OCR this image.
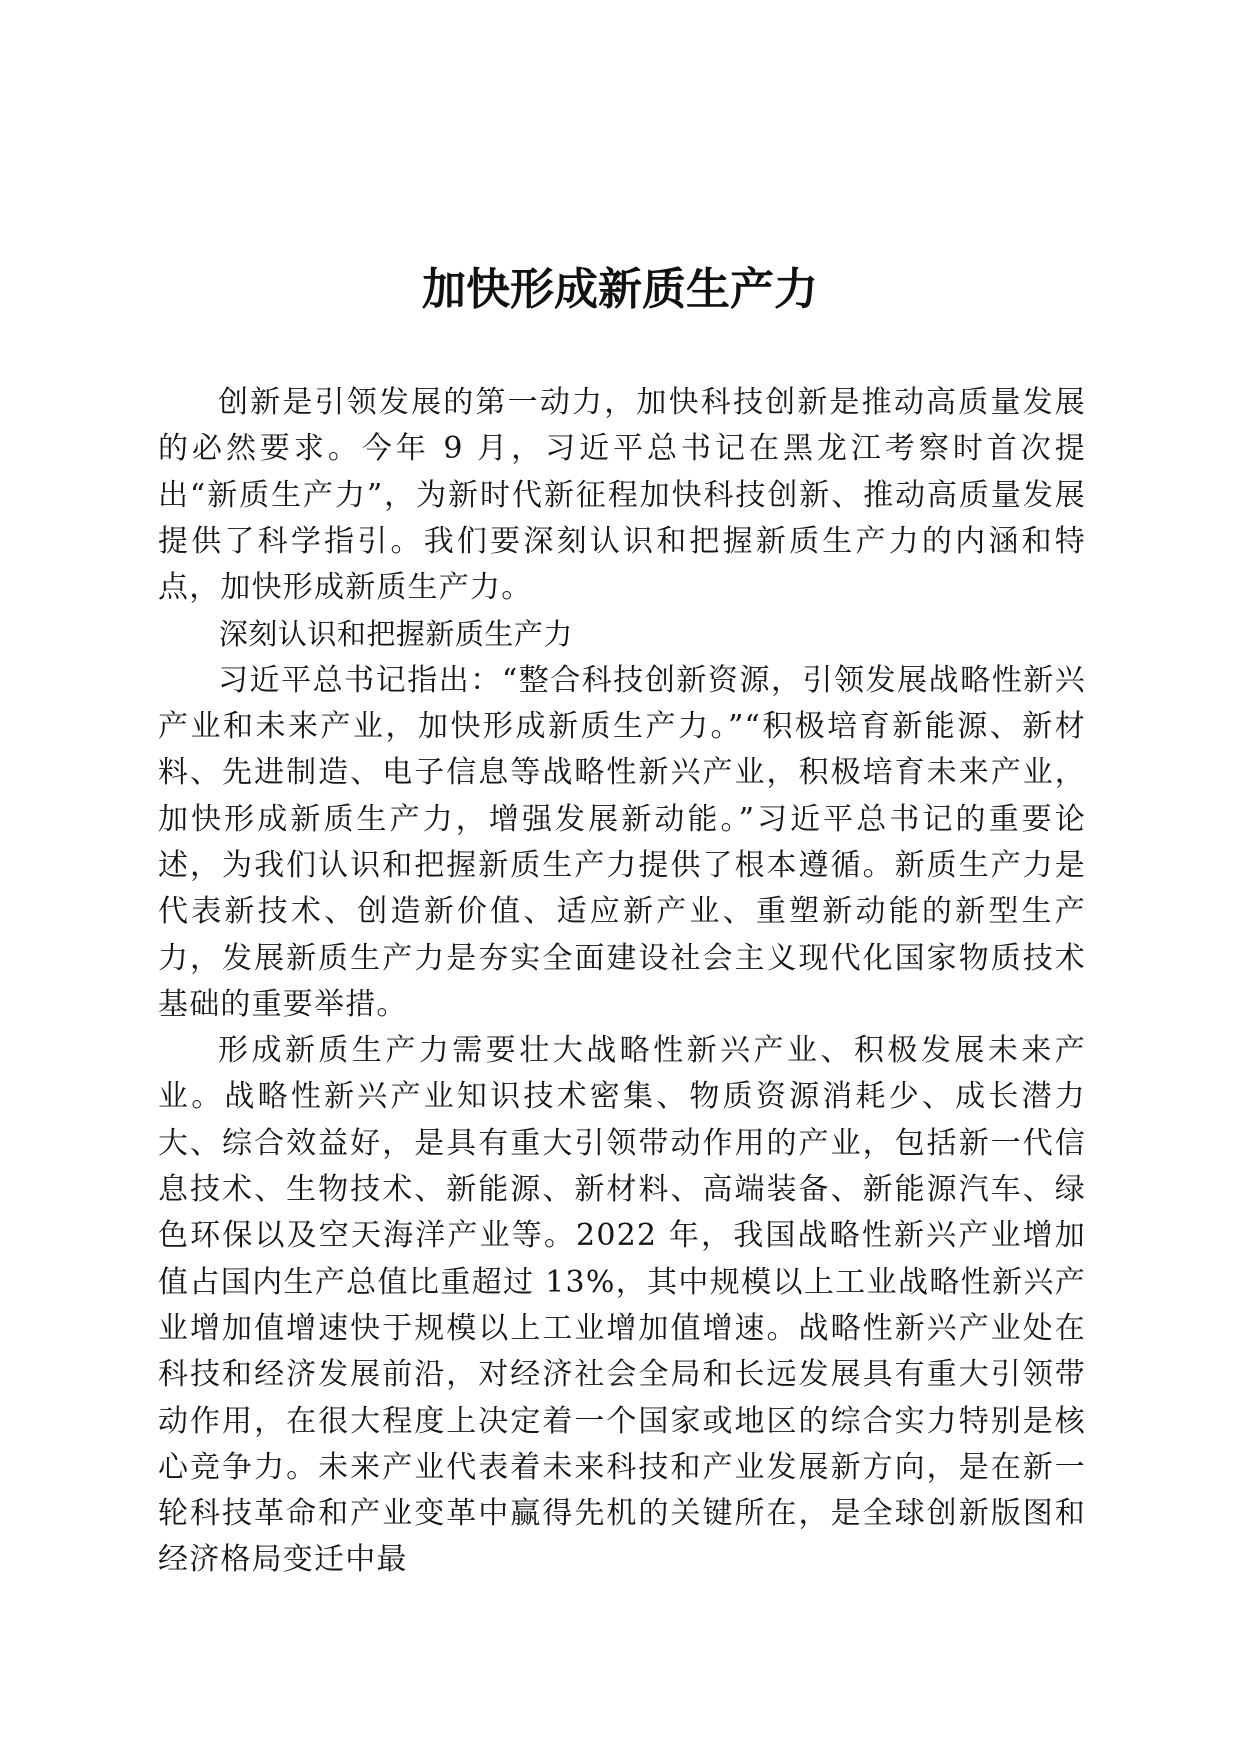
加快形成新质生产力

创新是引领发展的第一动力，加快科技创新是推动高质量发展的必然要求。今年 9 月，习近平总书记在黑龙江考察时首次提出“新质生产力”，为新时代新征程加快科技创新、推动高质量发展提供了科学指引。我们要深刻认识和把握新质生产力的内涵和特点，加快形成新质生产力。

深刻认识和把握新质生产力

习近平总书记指出：“整合科技创新资源，引领发展战略性新兴产业和未来产业，加快形成新质生产力。”“积极培育新能源、新材料、先进制造、电子信息等战略性新兴产业，积极培育未来产业，加快形成新质生产力，增强发展新动能。”习近平总书记的重要论述，为我们认识和把握新质生产力提供了根本遵循。新质生产力是代表新技术、创造新价值、适应新产业、重塑新动能的新型生产力，发展新质生产力是夯实全面建设社会主义现代化国家物质技术基础的重要举措。

形成新质生产力需要壮大战略性新兴产业、积极发展未来产业。战略性新兴产业知识技术密集、物质资源消耗少、成长潜力大、综合效益好，是具有重大引领带动作用的产业，包括新一代信息技术、生物技术、新能源、新材料、高端装备、新能源汽车、绿色环保以及空天海洋产业等。2022 年，我国战略性新兴产业增加值占国内生产总值比重超过 13%，其中规模以上工业战略性新兴产业增加值增速快于规模以上工业增加值增速。战略性新兴产业处在科技和经济发展前沿，对经济社会全局和长远发展具有重大引领带动作用，在很大程度上决定着一个国家或地区的综合实力特别是核心竞争力。未来产业代表着未来科技和产业发展新方向，是在新一轮科技革命和产业变革中赢得先机的关键所在，是全球创新版图和经济格局变迁中最
